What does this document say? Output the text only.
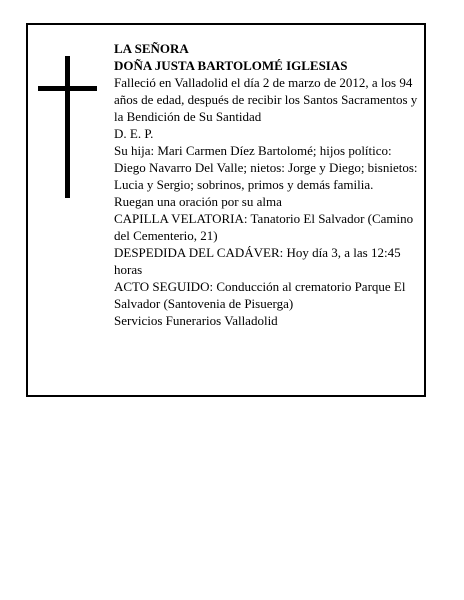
LA SEÑORA

DOÑA JUSTA BARTOLOMÉ IGLESIAS

Falleció en Valladolid el día 2 de marzo de 2012, a los 94 años de edad, después de recibir los Santos Sacramentos y la Bendición de Su Santidad

D. E. P.

Su hija: Mari Carmen Díez Bartolomé; hijos político: Diego Navarro Del Valle; nietos: Jorge y Diego; bisnietos: Lucia y Sergio; sobrinos, primos y demás familia.

Ruegan una oración por su alma

CAPILLA VELATORIA: Tanatorio El Salvador (Camino del Cementerio, 21)

DESPEDIDA DEL CADÁVER: Hoy día 3, a las 12:45 horas

ACTO SEGUIDO: Conducción al crematorio Parque El Salvador (Santovenia de Pisuerga)

Servicios Funerarios Valladolid
